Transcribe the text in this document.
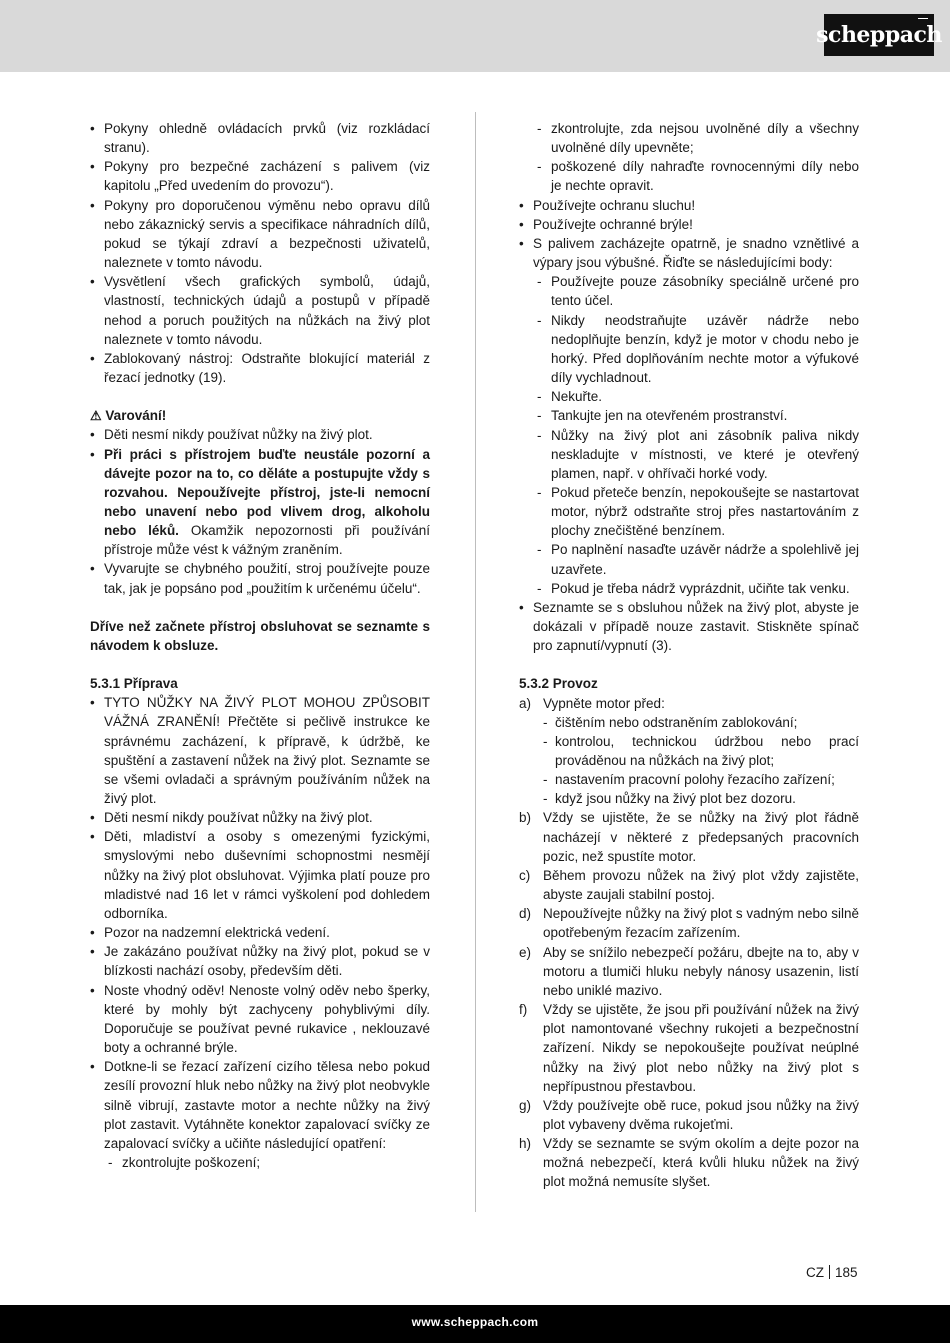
scheppach
• Pokyny ohledně ovládacích prvků (viz rozkládací stranu).
• Pokyny pro bezpečné zacházení s palivem (viz kapitolu „Před uvedením do provozu“).
• Pokyny pro doporučenou výměnu nebo opravu dílů nebo zákaznický servis a specifikace náhradních dílů, pokud se týkají zdraví a bezpečnosti uživatelů, naleznete v tomto návodu.
• Vysvětlení všech grafických symbolů, údajů, vlastností, technických údajů a postupů v případě nehod a poruch použitých na nůžkách na živý plot naleznete v tomto návodu.
• Zablokovaný nástroj: Odstraňte blokující materiál z řezací jednotky (19).
⚠ Varování!
• Děti nesmí nikdy používat nůžky na živý plot.
• Při práci s přístrojem buďte neustále pozorní a dávejte pozor na to, co děláte a postupujte vždy s rozvahou. Nepoužívejte přístroj, jste-li nemocní nebo unavení nebo pod vlivem drog, alkoholu nebo léků. Okamžik nepozornosti při používání přístroje může vést k vážným zraněním.
• Vyvarujte se chybného použití, stroj používejte pouze tak, jak je popsáno pod „použitím k určenému účelu“.
Dříve než začnete přístroj obsluhovat se seznamte s návodem k obsluze.
5.3.1 Příprava
• TYTO NŮŽKY NA ŽIVÝ PLOT MOHOU ZPŮSOBIT VÁŽNÁ ZRANĚNÍ! Přečtěte si pečlivě instrukce ke správnému zacházení, k přípravě, k údržbě, ke spuštění a zastavení nůžek na živý plot. Seznamte se se všemi ovladači a správným používáním nůžek na živý plot.
• Děti nesmí nikdy používat nůžky na živý plot.
• Děti, mladiství a osoby s omezenými fyzickými, smyslovými nebo duševními schopnostmi nesmějí nůžky na živý plot obsluhovat. Výjimka platí pouze pro mladistvé nad 16 let v rámci vyškolení pod dohledem odborníka.
• Pozor na nadzemní elektrická vedení.
• Je zakázáno používat nůžky na živý plot, pokud se v blízkosti nachází osoby, především děti.
• Noste vhodný oděv! Nenoste volný oděv nebo šperky, které by mohly být zachyceny pohyblivými díly. Doporučuje se používat pevné rukavice , neklouzavé boty a ochranné brýle.
• Dotkne-li se řezací zařízení cizího tělesa nebo pokud zesílí provozní hluk nebo nůžky na živý plot neobvykle silně vibrují, zastavte motor a nechte nůžky na živý plot zastavit. Vytáhněte konektor zapalovací svíčky ze zapalovací svíčky a učiňte následující opatření:
- zkontrolujte poškození;
- zkontrolujte, zda nejsou uvolněné díly a všechny uvolněné díly upevněte;
- poškozené díly nahraďte rovnocennými díly nebo je nechte opravit.
• Používejte ochranu sluchu!
• Používejte ochranné brýle!
• S palivem zacházejte opatrně, je snadno vznětlivé a výpary jsou výbušné. Řiďte se následujícími body:
- Používejte pouze zásobníky speciálně určené pro tento účel.
- Nikdy neodstraňujte uzávěr nádrže nebo nedoplňujte benzín, když je motor v chodu nebo je horký. Před doplňováním nechte motor a výfukové díly vychladnout.
- Nekuřte.
- Tankujte jen na otevřeném prostranství.
- Nůžky na živý plot ani zásobník paliva nikdy neskladujte v místnosti, ve které je otevřený plamen, např. v ohřívači horké vody.
- Pokud přeteče benzín, nepokoušejte se nastartovat motor, nýbrž odstraňte stroj přes nastartováním z plochy znečištěné benzínem.
- Po naplnění nasaďte uzávěr nádrže a spolehlivě jej uzavřete.
- Pokud je třeba nádrž vyprázdnit, učiňte tak venku.
• Seznamte se s obsluhou nůžek na živý plot, abyste je dokázali v případě nouze zastavit. Stiskněte spínač pro zapnutí/vypnutí (3).
5.3.2 Provoz
a) Vypněte motor před:
- čištěním nebo odstraněním zablokování;
- kontrolou, technickou údržbou nebo prací prováděnou na nůžkách na živý plot;
- nastavením pracovní polohy řezacího zařízení;
- když jsou nůžky na živý plot bez dozoru.
b) Vždy se ujistěte, že se nůžky na živý plot řádně nacházejí v některé z předepsaných pracovních pozic, než spustíte motor.
c) Během provozu nůžek na živý plot vždy zajistěte, abyste zaujali stabilní postoj.
d) Nepoužívejte nůžky na živý plot s vadným nebo silně opotřebeným řezacím zařízením.
e) Aby se snížilo nebezpečí požáru, dbejte na to, aby v motoru a tlumiči hluku nebyly nánosy usazenin, listí nebo uniklé mazivo.
f) Vždy se ujistěte, že jsou při používání nůžek na živý plot namontované všechny rukojeti a bezpečnostní zařízení. Nikdy se nepokoušejte používat neúplné nůžky na živý plot nebo nůžky na živý plot s nepřípustnou přestavbou.
g) Vždy používejte obě ruce, pokud jsou nůžky na živý plot vybaveny dvěma rukojeťmi.
h) Vždy se seznamte se svým okolím a dejte pozor na možná nebezpečí, která kvůli hluku nůžek na živý plot možná nemusíte slyšet.
CZ 185
www.scheppach.com
